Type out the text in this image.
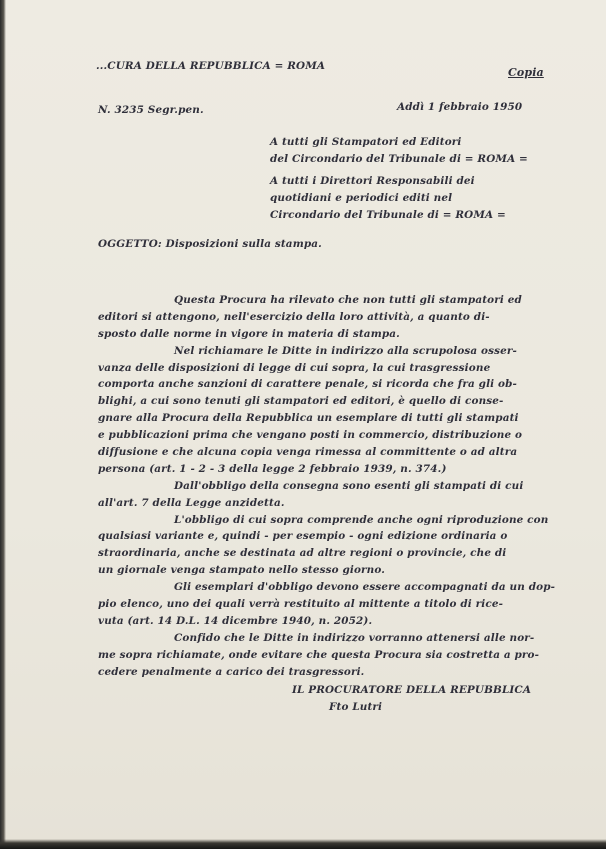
...CURA DELLA REPUBBLICA = ROMA	Copia
N. 3235 Segr.pen.	Addì 1 febbraio 1950
A tutti gli Stampatori ed Editori
del Circondario del Tribunale di = ROMA =
A tutti i Direttori Responsabili dei
quotidiani e periodici editi nel
Circondario del Tribunale di = ROMA =
OGGETTO: Disposizioni sulla stampa.
Questa Procura ha rilevato che non tutti gli stampatori ed
editori si attengono, nell'esercizio della loro attività, a quanto di-
sposto dalle norme in vigore in materia di stampa.
Nel richiamare le Ditte in indirizzo alla scrupolosa osser-
vanza delle disposizioni di legge di cui sopra, la cui trasgressione
comporta anche sanzioni di carattere penale, si ricorda che fra gli ob-
blighi, a cui sono tenuti gli stampatori ed editori, è quello di conse-
gnare alla Procura della Repubblica un esemplare di tutti gli stampati
e pubblicazioni prima che vengano posti in commercio, distribuzione o
diffusione e che alcuna copia venga rimessa al committente o ad altra
persona (art. 1 - 2 - 3 della legge 2 febbraio 1939, n. 374.)
Dall'obbligo della consegna sono esenti gli stampati di cui
all'art. 7 della Legge anzidetta.
L'obbligo di cui sopra comprende anche ogni riproduzione con
qualsiasi variante e, quindi - per esempio - ogni edizione ordinaria o
straordinaria, anche se destinata ad altre regioni o provincie, che di
un giornale venga stampato nello stesso giorno.
Gli esemplari d'obbligo devono essere accompagnati da un dop-
pio elenco, uno dei quali verrà restituito al mittente a titolo di rice-
vuta (art. 14 D.L. 14 dicembre 1940, n. 2052).
Confido che le Ditte in indirizzo vorranno attenersi alle nor-
me sopra richiamate, onde evitare che questa Procura sia costretta a pro-
cedere penalmente a carico dei trasgressori.
IL PROCURATORE DELLA REPUBBLICA
Fto Lutri
